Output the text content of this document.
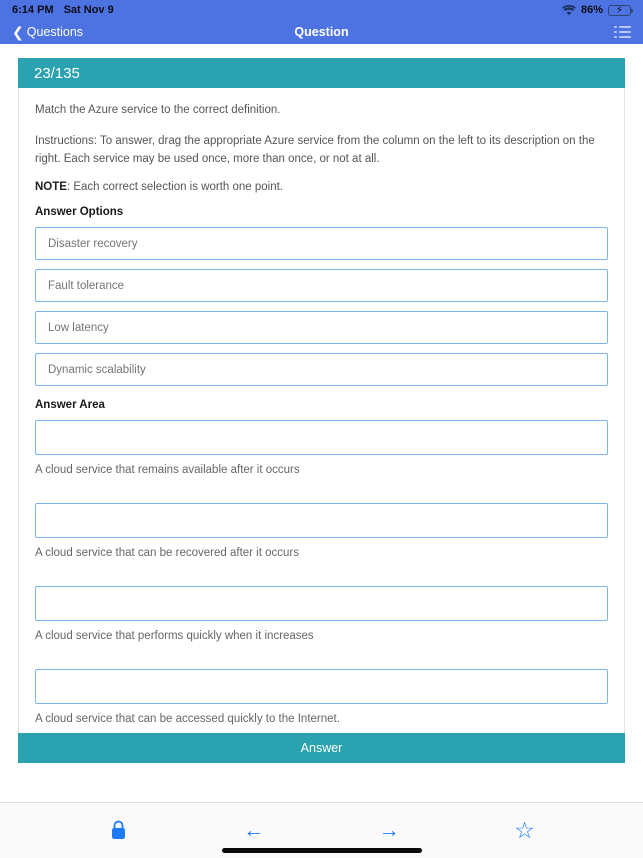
6:14 PM Sat Nov 9	86% ⚡
❮ Questions	Question
23/135

Match the Azure service to the correct definition.

Instructions: To answer, drag the appropriate Azure service from the column on the left to its description on the right. Each service may be used once, more than once, or not at all.

NOTE: Each correct selection is worth one point.

Answer Options
Disaster recovery
Fault tolerance
Low latency
Dynamic scalability
Answer Area
A cloud service that remains available after it occurs
A cloud service that can be recovered after it occurs
A cloud service that performs quickly when it increases
A cloud service that can be accessed quickly to the Internet.
Answer
←	→	☆
